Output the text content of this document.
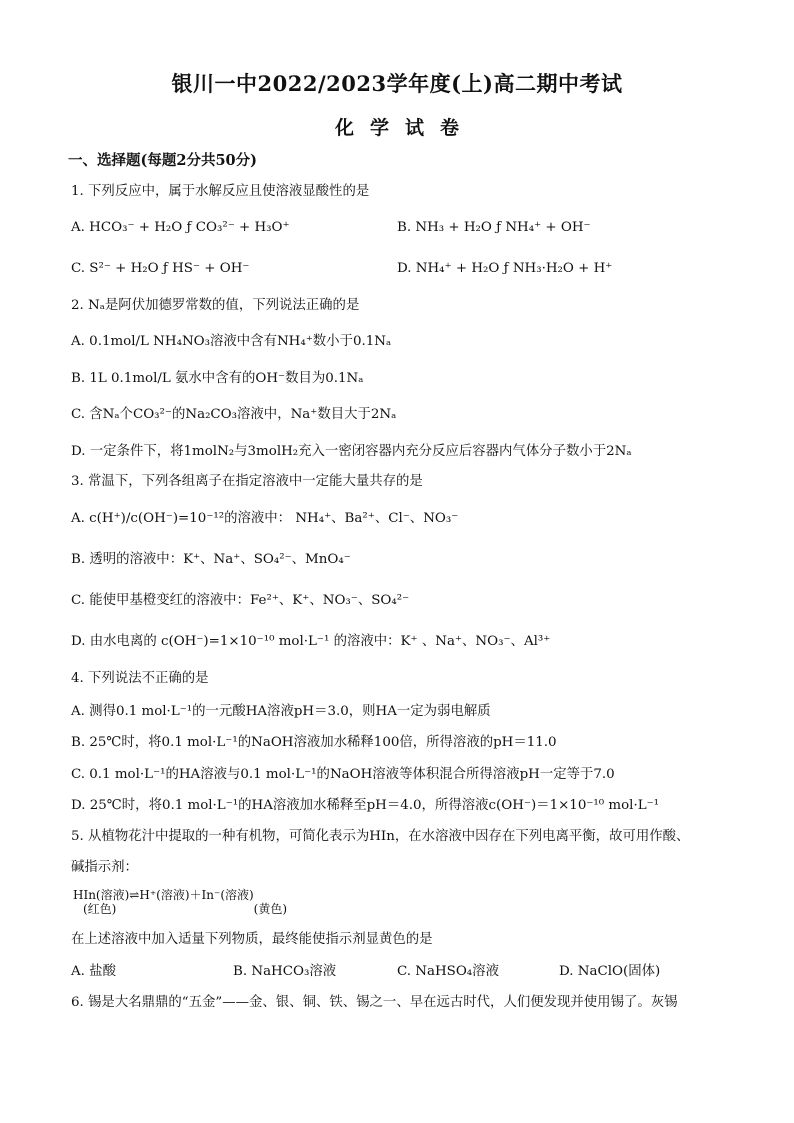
银川一中2022/2023学年度(上)高二期中考试
化学试卷
一、选择题(每题2分共50分)
1. 下列反应中，属于水解反应且使溶液显酸性的是
A. HCO₃⁻ + H₂O ƒ CO₃²⁻ + H₃O⁺	B. NH₃ + H₂O ƒ NH₄⁺ + OH⁻
C. S²⁻ + H₂O ƒ HS⁻ + OH⁻	D. NH₄⁺ + H₂O ƒ NH₃·H₂O + H⁺
2. Nₐ是阿伏加德罗常数的值，下列说法正确的是
A. 0.1mol/L NH₄NO₃溶液中含有NH₄⁺数小于0.1Nₐ
B. 1L 0.1mol/L 氨水中含有的OH⁻数目为0.1Nₐ
C. 含Nₐ个CO₃²⁻的Na₂CO₃溶液中，Na⁺数目大于2Nₐ
D. 一定条件下，将1molN₂与3molH₂充入一密闭容器内充分反应后容器内气体分子数小于2Nₐ
3. 常温下，下列各组离子在指定溶液中一定能大量共存的是
A. c(H⁺)/c(OH⁻)=10⁻¹²的溶液中： NH₄⁺、Ba²⁺、Cl⁻、NO₃⁻
B. 透明的溶液中：K⁺、Na⁺、SO₄²⁻、MnO₄⁻
C. 能使甲基橙变红的溶液中：Fe²⁺、K⁺、NO₃⁻、SO₄²⁻
D. 由水电离的 c(OH⁻)=1×10⁻¹⁰ mol·L⁻¹ 的溶液中：K⁺ 、Na⁺、NO₃⁻、Al³⁺
4. 下列说法不正确的是
A. 测得0.1 mol·L⁻¹的一元酸HA溶液pH＝3.0，则HA一定为弱电解质
B. 25℃时，将0.1 mol·L⁻¹的NaOH溶液加水稀释100倍，所得溶液的pH＝11.0
C. 0.1 mol·L⁻¹的HA溶液与0.1 mol·L⁻¹的NaOH溶液等体积混合所得溶液pH一定等于7.0
D. 25℃时，将0.1 mol·L⁻¹的HA溶液加水稀释至pH＝4.0，所得溶液c(OH⁻)＝1×10⁻¹⁰ mol·L⁻¹
5. 从植物花汁中提取的一种有机物，可简化表示为HIn，在水溶液中因存在下列电离平衡，故可用作酸、
碱指示剂：
HIn(溶液)⇌H⁺(溶液)＋In⁻(溶液)
(红色)                                    (黄色)
在上述溶液中加入适量下列物质，最终能使指示剂显黄色的是
A. 盐酸	B. NaHCO₃溶液	C. NaHSO₄溶液	D. NaClO(固体)
6. 锡是大名鼎鼎的“五金”——金、银、铜、铁、锡之一、早在远古时代，人们便发现并使用锡了。灰锡
